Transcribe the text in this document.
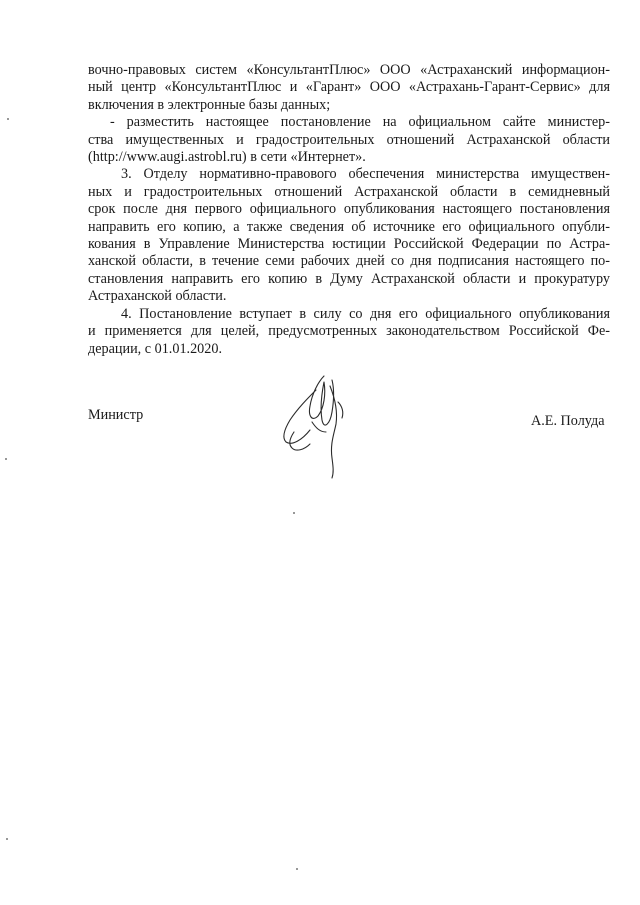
вочно-правовых систем «КонсультантПлюс» ООО «Астраханский информацион-
ный центр «КонсультантПлюс и «Гарант» ООО «Астрахань-Гарант-Сервис» для
включения в электронные базы данных;
- разместить настоящее постановление на официальном сайте министер-
ства имущественных и градостроительных отношений Астраханской области
(http://www.augi.astrobl.ru) в сети «Интернет».
3. Отделу нормативно-правового обеспечения министерства имуществен-
ных и градостроительных отношений Астраханской области в семидневный
срок после дня первого официального опубликования настоящего постановления
направить его копию, а также сведения об источнике его официального опубли-
кования в Управление Министерства юстиции Российской Федерации по Астра-
ханской области, в течение семи рабочих дней со дня подписания настоящего по-
становления направить его копию в Думу Астраханской области и прокуратуру
Астраханской области.
4. Постановление вступает в силу со дня его официального опубликования
и применяется для целей, предусмотренных законодательством Российской Фе-
дерации, с 01.01.2020.
Министр	А.Е. Полуда
